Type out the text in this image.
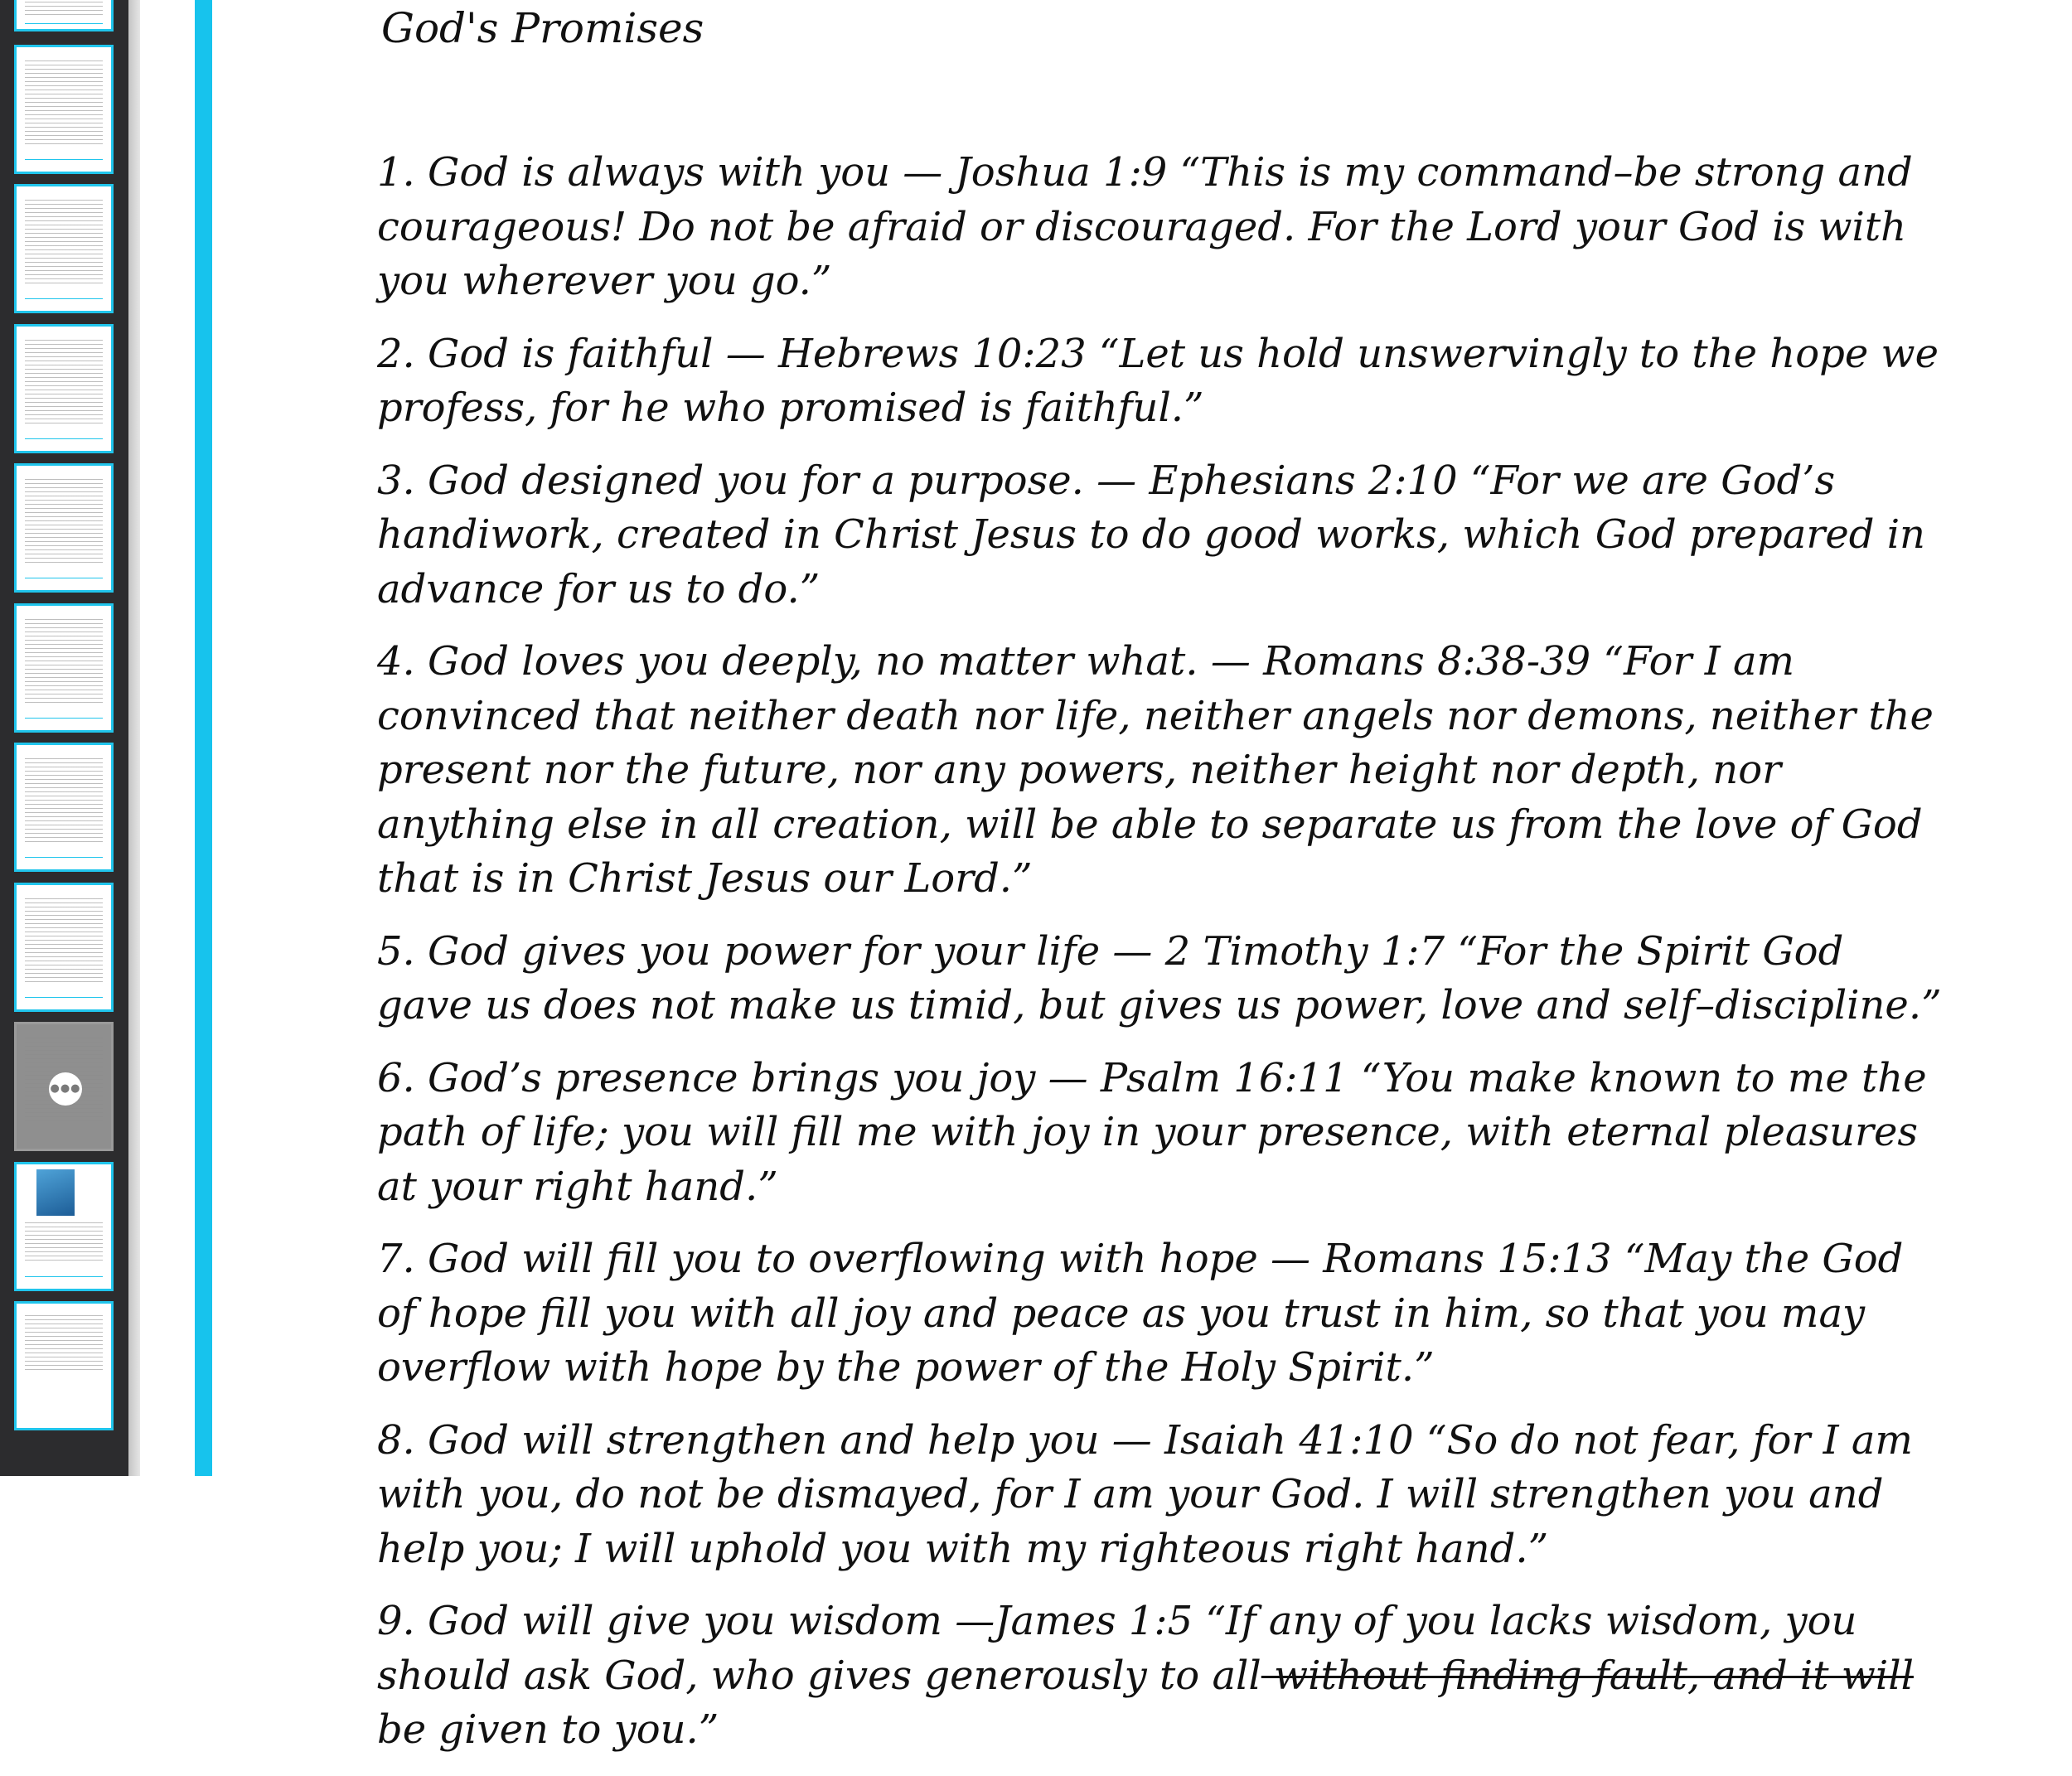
●●●
God's Promises

1. God is always with you — Joshua 1:9 “This is my command–be strong and courageous! Do not be afraid or discouraged. For the Lord your God is with you wherever you go.”

2. God is faithful — Hebrews 10:23 “Let us hold unswervingly to the hope we profess, for he who promised is faithful.”

3. God designed you for a purpose. — Ephesians 2:10 “For we are God’s handiwork, created in Christ Jesus to do good works, which God prepared in advance for us to do.”

4. God loves you deeply, no matter what. — Romans 8:38-39 “For I am convinced that neither death nor life, neither angels nor demons, neither the present nor the future, nor any powers, neither height nor depth, nor anything else in all creation, will be able to separate us from the love of God that is in Christ Jesus our Lord.”

5. God gives you power for your life — 2 Timothy 1:7 “For the Spirit God gave us does not make us timid, but gives us power, love and self–discipline.”

6. God’s presence brings you joy — Psalm 16:11 “You make known to me the path of life; you will fill me with joy in your presence, with eternal pleasures at your right hand.”

7. God will fill you to overflowing with hope — Romans 15:13 “May the God of hope fill you with all joy and peace as you trust in him, so that you may overflow with hope by the power of the Holy Spirit.”

8. God will strengthen and help you — Isaiah 41:10 “So do not fear, for I am with you, do not be dismayed, for I am your God. I will strengthen you and help you; I will uphold you with my righteous right hand.”

9. God will give you wisdom —James 1:5 “If any of you lacks wisdom, you should ask God, who gives generously to all without finding fault, and it will be given to you.”
